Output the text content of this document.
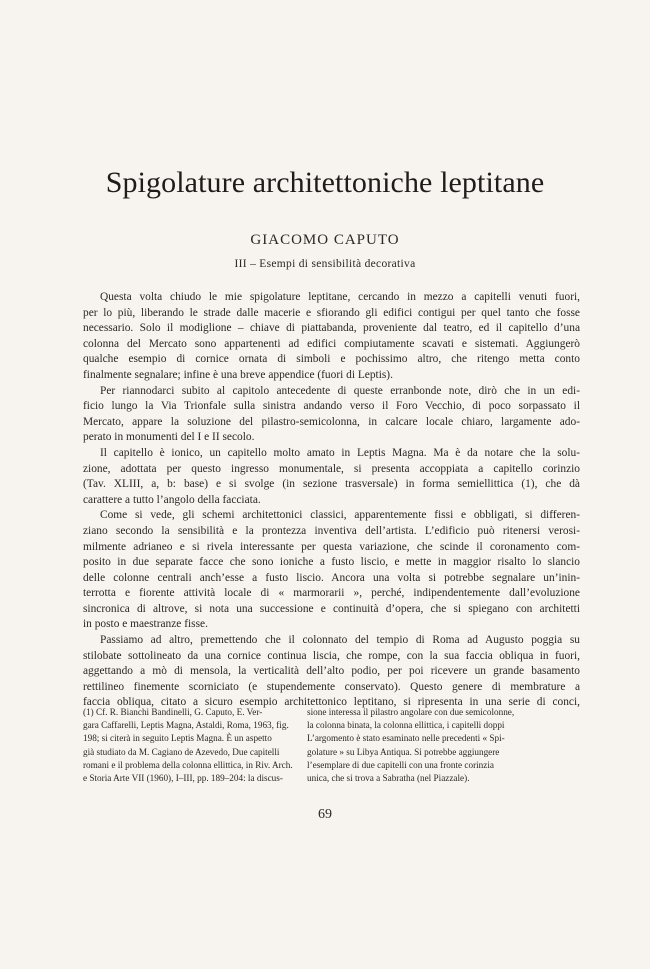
Spigolature architettoniche leptitane
GIACOMO CAPUTO
III – Esempi di sensibilità decorativa
Questa volta chiudo le mie spigolature leptitane, cercando in mezzo a capitelli venuti fuori,
per lo più, liberando le strade dalle macerie e sfiorando gli edifici contigui per quel tanto che fosse
necessario. Solo il modiglione – chiave di piattabanda, proveniente dal teatro, ed il capitello d’una
colonna del Mercato sono appartenenti ad edifici compiutamente scavati e sistemati. Aggiungerò
qualche esempio di cornice ornata di simboli e pochissimo altro, che ritengo metta conto
finalmente segnalare; infine è una breve appendice (fuori di Leptis).
Per riannodarci subito al capitolo antecedente di queste erranbonde note, dirò che in un edi-
ficio lungo la Via Trionfale sulla sinistra andando verso il Foro Vecchio, di poco sorpassato il
Mercato, appare la soluzione del pilastro-semicolonna, in calcare locale chiaro, largamente ado-
perato in monumenti del I e II secolo.
Il capitello è ionico, un capitello molto amato in Leptis Magna. Ma è da notare che la solu-
zione, adottata per questo ingresso monumentale, si presenta accoppiata a capitello corinzio
(Tav. XLIII, a, b: base) e si svolge (in sezione trasversale) in forma semiellittica (1), che dà
carattere a tutto l’angolo della facciata.
Come si vede, gli schemi architettonici classici, apparentemente fissi e obbligati, si differen-
ziano secondo la sensibilità e la prontezza inventiva dell’artista. L’edificio può ritenersi verosi-
milmente adrianeo e si rivela interessante per questa variazione, che scinde il coronamento com-
posito in due separate facce che sono ioniche a fusto liscio, e mette in maggior risalto lo slancio
delle colonne centrali anch’esse a fusto liscio. Ancora una volta si potrebbe segnalare un’inin-
terrotta e fiorente attività locale di « marmorarii », perché, indipendentemente dall’evoluzione
sincronica di altrove, si nota una successione e continuità d’opera, che si spiegano con architetti
in posto e maestranze fisse.
Passiamo ad altro, premettendo che il colonnato del tempio di Roma ad Augusto poggia su
stilobate sottolineato da una cornice continua liscia, che rompe, con la sua faccia obliqua in fuori,
aggettando a mò di mensola, la verticalità dell’alto podio, per poi ricevere un grande basamento
rettilineo finemente scorniciato (e stupendemente conservato). Questo genere di membrature a
faccia obliqua, citato a sicuro esempio architettonico leptitano, si ripresenta in una serie di conci,
(1) Cf. R. Bianchi Bandinelli, G. Caputo, E. Ver-
gara Caffarelli, Leptis Magna, Astaldi, Roma, 1963, fig.
198; si citerà in seguito Leptis Magna. È un aspetto
già studiato da M. Cagiano de Azevedo, Due capitelli
romani e il problema della colonna ellittica, in Riv. Arch.
e Storia Arte VII (1960), I–III, pp. 189–204: la discus-
sione interessa il pilastro angolare con due semicolonne,
la colonna binata, la colonna ellittica, i capitelli doppi
L’argomento è stato esaminato nelle precedenti « Spi-
golature » su Libya Antiqua. Si potrebbe aggiungere
l’esemplare di due capitelli con una fronte corinzia
unica, che si trova a Sabratha (nel Piazzale).
69
